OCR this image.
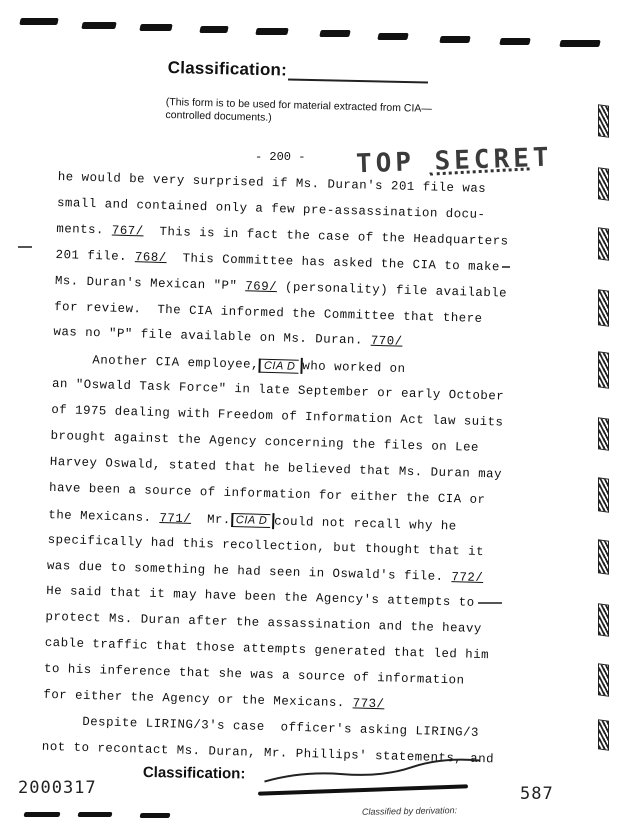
Classification:
(This form is to be used for material extracted from CIA—controlled documents.)
- 200 - TOP SECRET
he would be very surprised if Ms. Duran's 201 file was
small and contained only a few pre-assassination docu-
ments. 767/  This is in fact the case of the Headquarters
201 file. 768/  This Committee has asked the CIA to make
Ms. Duran's Mexican "P" 769/ (personality) file available
for review.  The CIA informed the Committee that there
was no "P" file available on Ms. Duran. 770/
Another CIA employee, CIA D who worked on
an "Oswald Task Force" in late September or early October
of 1975 dealing with Freedom of Information Act law suits
brought against the Agency concerning the files on Lee
Harvey Oswald, stated that he believed that Ms. Duran may
have been a source of information for either the CIA or
the Mexicans. 771/  Mr. CIA D could not recall why he
specifically had this recollection, but thought that it
was due to something he had seen in Oswald's file. 772/
He said that it may have been the Agency's attempts to
protect Ms. Duran after the assassination and the heavy
cable traffic that those attempts generated that led him
to his inference that she was a source of information
for either the Agency or the Mexicans. 773/
Despite LIRING/3's case  officer's asking LIRING/3
not to recontact Ms. Duran, Mr. Phillips' statements, and
Classification:
2000317	587
Classified by derivation:
